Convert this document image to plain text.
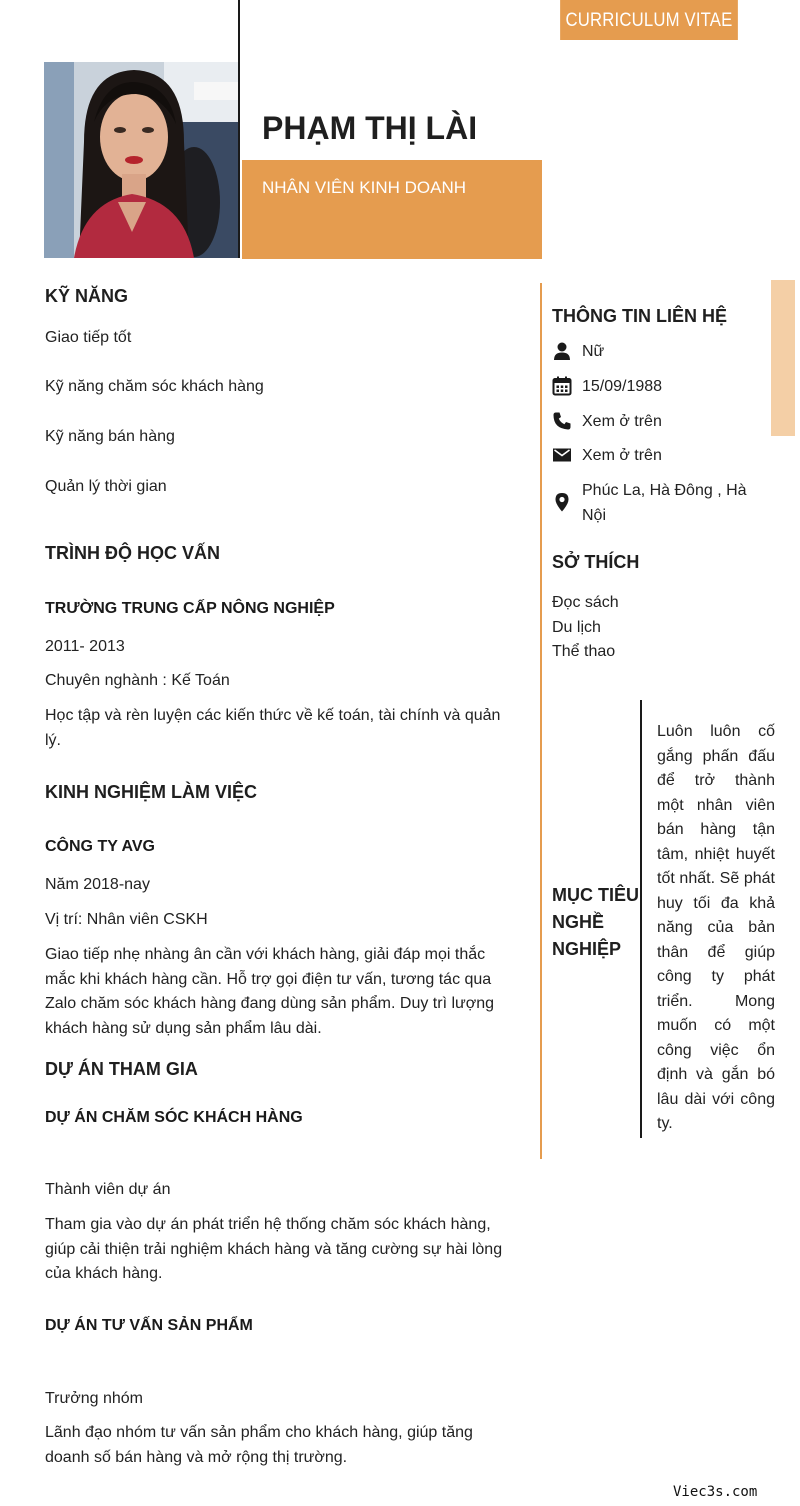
CURRICULUM VITAE
PHẠM THỊ LÀI
NHÂN VIÊN KINH DOANH
KỸ NĂNG
Giao tiếp tốt
Kỹ năng chăm sóc khách hàng
Kỹ năng bán hàng
Quản lý thời gian
TRÌNH ĐỘ HỌC VẤN
TRƯỜNG TRUNG CẤP NÔNG NGHIỆP
2011- 2013
Chuyên nghành : Kế Toán
Học tập và rèn luyện các kiến thức về kế toán, tài chính và quản lý.
KINH NGHIỆM LÀM VIỆC
CÔNG TY AVG
Năm 2018-nay
Vị trí: Nhân viên CSKH
Giao tiếp nhẹ nhàng ân cần với khách hàng, giải đáp mọi thắc mắc khi khách hàng cần. Hỗ trợ gọi điện tư vấn, tương tác qua Zalo chăm sóc khách hàng đang dùng sản phẩm. Duy trì lượng khách hàng sử dụng sản phẩm lâu dài.
DỰ ÁN THAM GIA
DỰ ÁN CHĂM SÓC KHÁCH HÀNG
Thành viên dự án
Tham gia vào dự án phát triển hệ thống chăm sóc khách hàng, giúp cải thiện trải nghiệm khách hàng và tăng cường sự hài lòng của khách hàng.
DỰ ÁN TƯ VẤN SẢN PHẨM
Trưởng nhóm
Lãnh đạo nhóm tư vấn sản phẩm cho khách hàng, giúp tăng doanh số bán hàng và mở rộng thị trường.
THÔNG TIN LIÊN HỆ
Nữ
15/09/1988
Xem ở trên
Xem ở trên
Phúc La, Hà Đông , Hà Nội
SỞ THÍCH
Đọc sách
Du lịch
Thể thao
MỤC TIÊU NGHỀ NGHIỆP
Luôn luôn cố gắng phấn đấu để trở thành một nhân viên bán hàng tận tâm, nhiệt huyết tốt nhất. Sẽ phát huy tối đa khả năng của bản thân để giúp công ty phát triển. Mong muốn có một công việc ổn định và gắn bó lâu dài với công ty.
Viec3s.com
